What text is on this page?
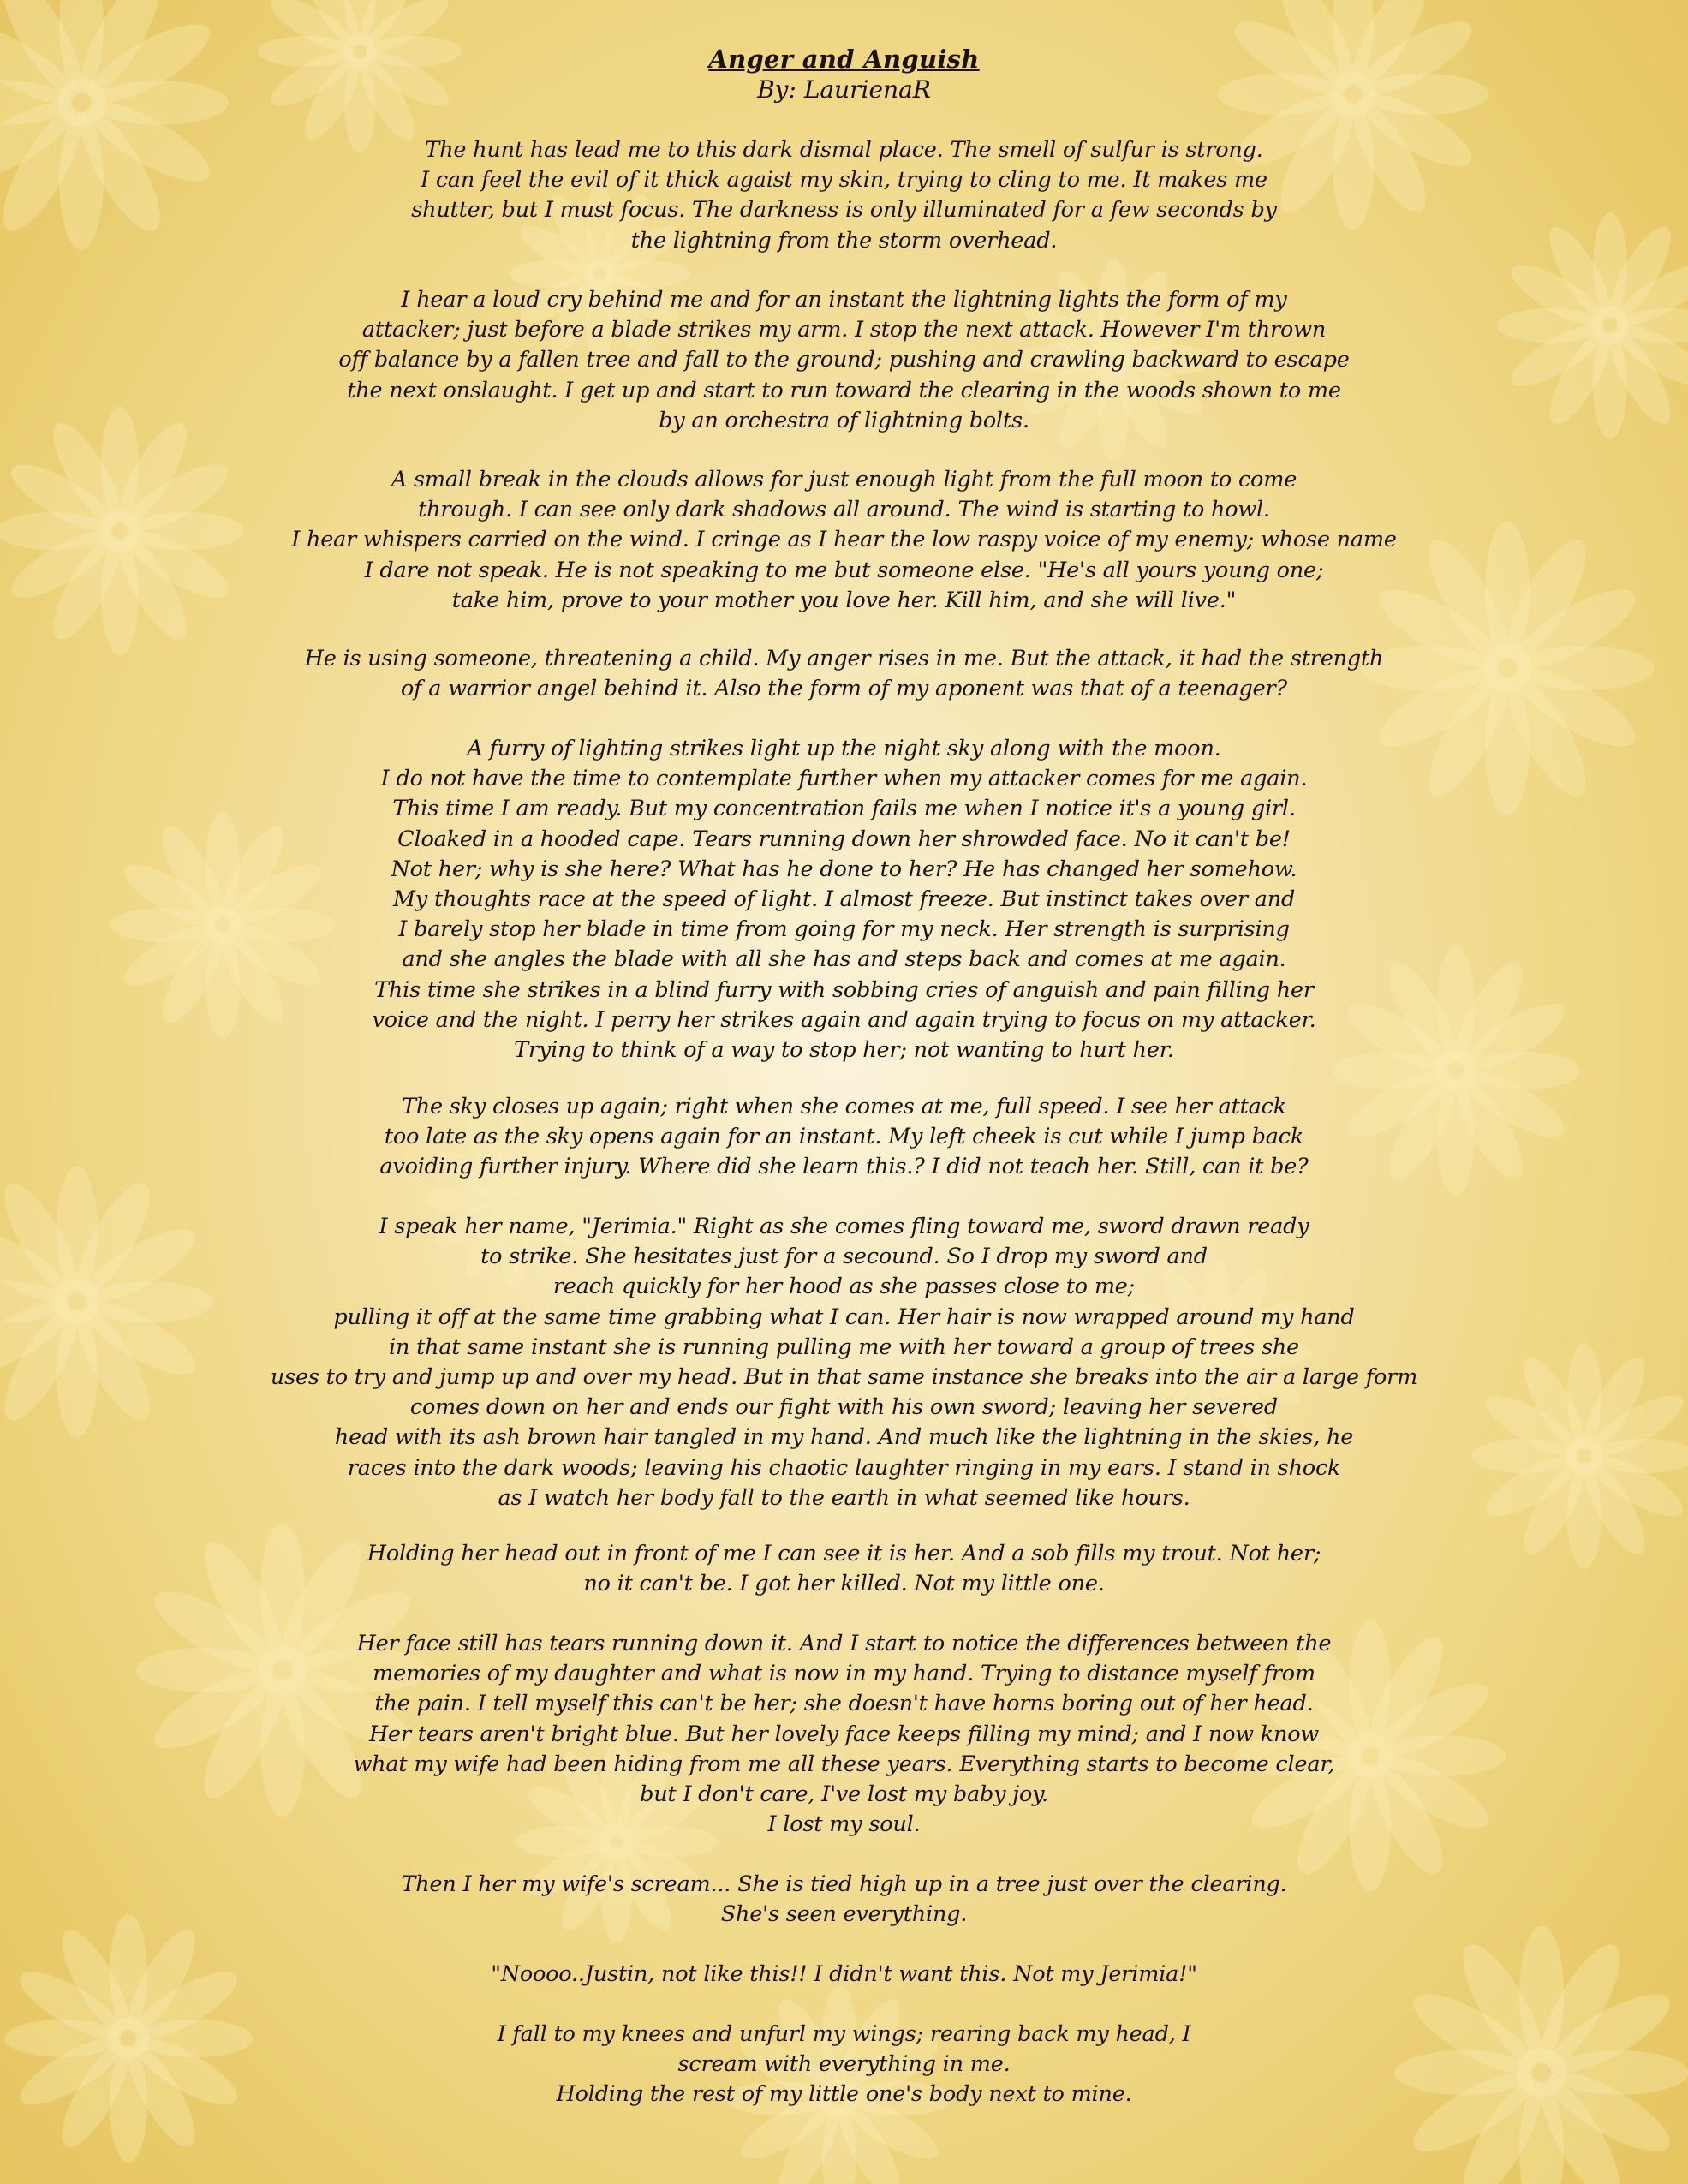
Anger and Anguish
By: LaurienaR
The hunt has lead me to this dark dismal place. The smell of sulfur is strong.
I can feel the evil of it thick agaist my skin, trying to cling to me. It makes me
shutter, but I must focus. The darkness is only illuminated for a few seconds by
the lightning from the storm overhead.
I hear a loud cry behind me and for an instant the lightning lights the form of my
attacker; just before a blade strikes my arm. I stop the next attack. However I'm thrown
off balance by a fallen tree and fall to the ground; pushing and crawling backward to escape
the next onslaught. I get up and start to run toward the clearing in the woods shown to me
by an orchestra of lightning bolts.
A small break in the clouds allows for just enough light from the full moon to come
through. I can see only dark shadows all around. The wind is starting to howl.
I hear whispers carried on the wind. I cringe as I hear the low raspy voice of my enemy; whose name
I dare not speak. He is not speaking to me but someone else. "He's all yours young one;
take him, prove to your mother you love her. Kill him, and she will live."
He is using someone, threatening a child. My anger rises in me. But the attack, it had the strength
of a warrior angel behind it. Also the form of my aponent was that of a teenager?
A furry of lighting strikes light up the night sky along with the moon.
I do not have the time to contemplate further when my attacker comes for me again.
This time I am ready. But my concentration fails me when I notice it's a young girl.
Cloaked in a hooded cape. Tears running down her shrowded face. No it can't be!
Not her; why is she here? What has he done to her? He has changed her somehow.
My thoughts race at the speed of light. I almost freeze. But instinct takes over and
I barely stop her blade in time from going for my neck. Her strength is surprising
and she angles the blade with all she has and steps back and comes at me again.
This time she strikes in a blind furry with sobbing cries of anguish and pain filling her
voice and the night. I perry her strikes again and again trying to focus on my attacker.
Trying to think of a way to stop her; not wanting to hurt her.
The sky closes up again; right when she comes at me, full speed. I see her attack
too late as the sky opens again for an instant. My left cheek is cut while I jump back
avoiding further injury. Where did she learn this.? I did not teach her. Still, can it be?
I speak her name, "Jerimia." Right as she comes fling toward me, sword drawn ready
to strike. She hesitates just for a secound. So I drop my sword and
reach quickly for her hood as she passes close to me;
pulling it off at the same time grabbing what I can. Her hair is now wrapped around my hand
in that same instant she is running pulling me with her toward a group of trees she
uses to try and jump up and over my head. But in that same instance she breaks into the air a large form
comes down on her and ends our fight with his own sword; leaving her severed
head with its ash brown hair tangled in my hand. And much like the lightning in the skies, he
races into the dark woods; leaving his chaotic laughter ringing in my ears. I stand in shock
as I watch her body fall to the earth in what seemed like hours.
Holding her head out in front of me I can see it is her. And a sob fills my trout. Not her;
no it can't be. I got her killed. Not my little one.
Her face still has tears running down it. And I start to notice the differences between the
memories of my daughter and what is now in my hand. Trying to distance myself from
the pain. I tell myself this can't be her; she doesn't have horns boring out of her head.
Her tears aren't bright blue. But her lovely face keeps filling my mind; and I now know
what my wife had been hiding from me all these years. Everything starts to become clear,
but I don't care, I've lost my baby joy.
I lost my soul.
Then I her my wife's scream... She is tied high up in a tree just over the clearing.
She's seen everything.
"Noooo..Justin, not like this!! I didn't want this. Not my Jerimia!"
I fall to my knees and unfurl my wings; rearing back my head, I
scream with everything in me.
Holding the rest of my little one's body next to mine.
